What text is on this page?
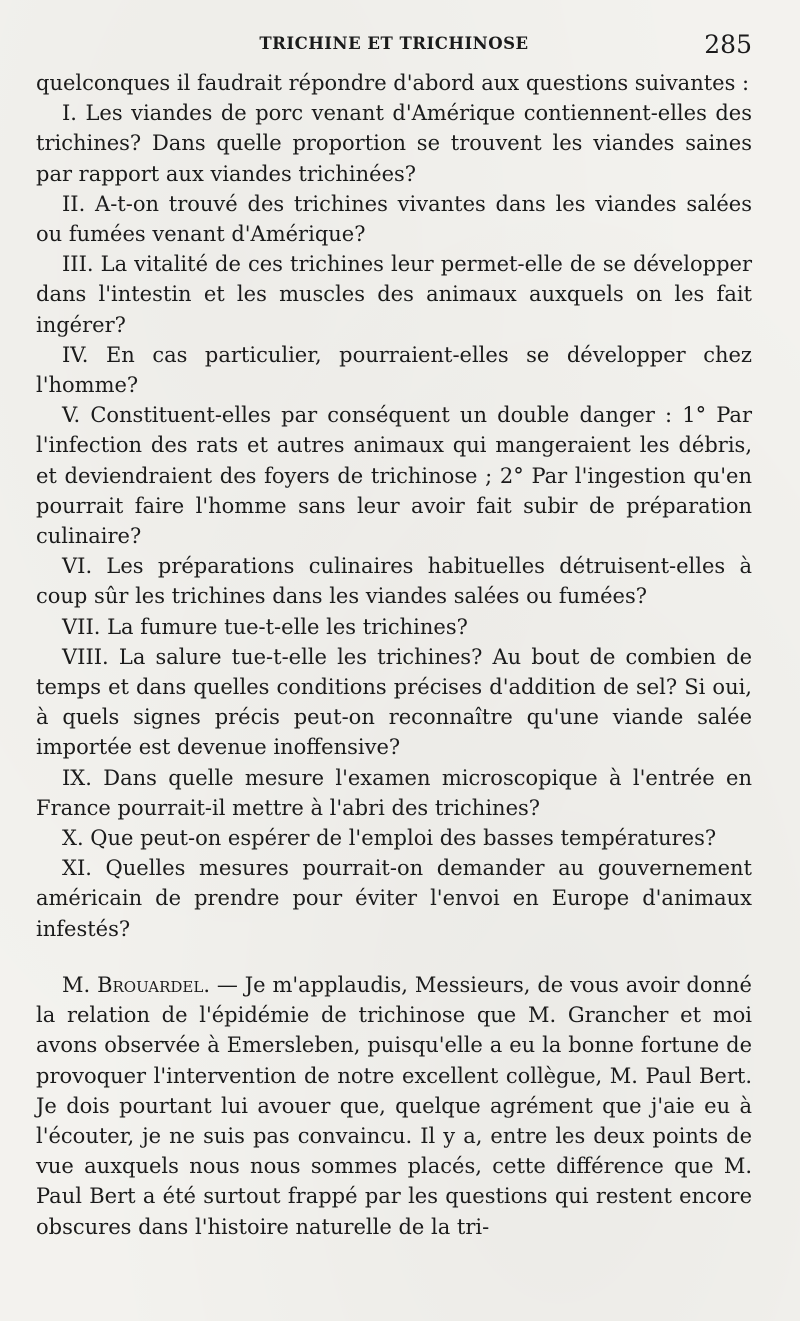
TRICHINE ET TRICHINOSE	285

quelconques il faudrait répondre d'abord aux questions suivantes :

I. Les viandes de porc venant d'Amérique contiennent-elles des trichines? Dans quelle proportion se trouvent les viandes saines par rapport aux viandes trichinées?

II. A-t-on trouvé des trichines vivantes dans les viandes salées ou fumées venant d'Amérique?

III. La vitalité de ces trichines leur permet-elle de se développer dans l'intestin et les muscles des animaux auxquels on les fait ingérer?

IV. En cas particulier, pourraient-elles se développer chez l'homme?

V. Constituent-elles par conséquent un double danger : 1° Par l'infection des rats et autres animaux qui mangeraient les débris, et deviendraient des foyers de trichinose ; 2° Par l'ingestion qu'en pourrait faire l'homme sans leur avoir fait subir de préparation culinaire?

VI. Les préparations culinaires habituelles détruisent-elles à coup sûr les trichines dans les viandes salées ou fumées?

VII. La fumure tue-t-elle les trichines?

VIII. La salure tue-t-elle les trichines? Au bout de combien de temps et dans quelles conditions précises d'addition de sel? Si oui, à quels signes précis peut-on reconnaître qu'une viande salée importée est devenue inoffensive?

IX. Dans quelle mesure l'examen microscopique à l'entrée en France pourrait-il mettre à l'abri des trichines?

X. Que peut-on espérer de l'emploi des basses températures?

XI. Quelles mesures pourrait-on demander au gouvernement américain de prendre pour éviter l'envoi en Europe d'animaux infestés?

M. Brouardel. — Je m'applaudis, Messieurs, de vous avoir donné la relation de l'épidémie de trichinose que M. Grancher et moi avons observée à Emersleben, puisqu'elle a eu la bonne fortune de provoquer l'intervention de notre excellent collègue, M. Paul Bert. Je dois pourtant lui avouer que, quelque agrément que j'aie eu à l'écouter, je ne suis pas convaincu. Il y a, entre les deux points de vue auxquels nous nous sommes placés, cette différence que M. Paul Bert a été surtout frappé par les questions qui restent encore obscures dans l'histoire naturelle de la tri-
